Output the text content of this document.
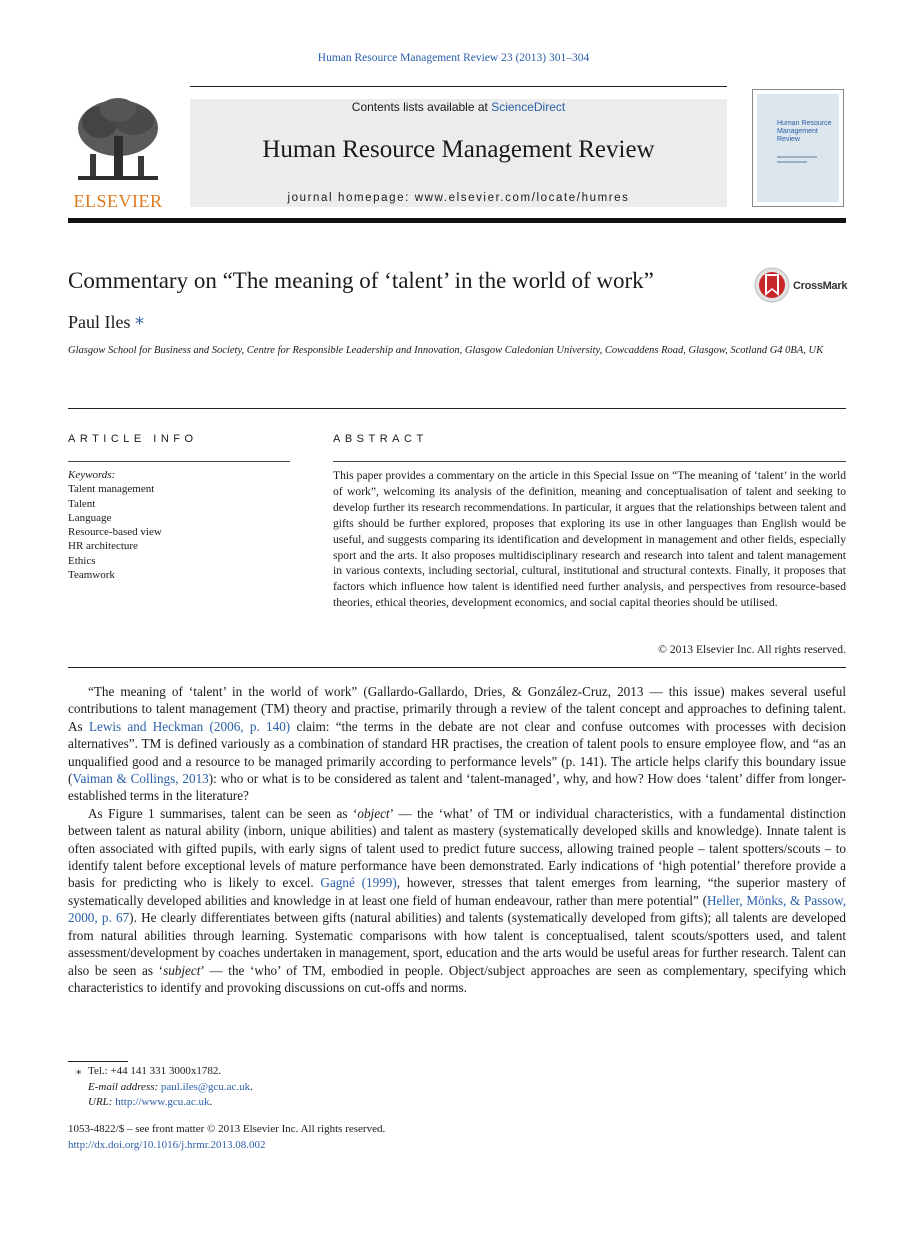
Human Resource Management Review 23 (2013) 301–304
ELSEVIER
Contents lists available at ScienceDirect
Human Resource Management Review
journal homepage: www.elsevier.com/locate/humres
Human Resource Management Review
Commentary on “The meaning of ‘talent’ in the world of work”	CrossMark
Paul Iles ⁎
Glasgow School for Business and Society, Centre for Responsible Leadership and Innovation, Glasgow Caledonian University, Cowcaddens Road, Glasgow, Scotland G4 0BA, UK
ARTICLE INFO	ABSTRACT
Keywords:
Talent management
Talent
Language
Resource-based view
HR architecture
Ethics
Teamwork
This paper provides a commentary on the article in this Special Issue on “The meaning of ‘talent’ in the world of work”, welcoming its analysis of the definition, meaning and conceptualisation of talent and seeking to develop further its research recommendations. In particular, it argues that the relationships between talent and gifts should be further explored, proposes that exploring its use in other languages than English would be useful, and suggests comparing its identification and development in management and other fields, especially sport and the arts. It also proposes multidisciplinary research and research into talent and talent management in various contexts, including sectorial, cultural, institutional and structural contexts. Finally, it proposes that factors which influence how talent is identified need further analysis, and perspectives from resource-based theories, ethical theories, development economics, and social capital theories should be utilised.
© 2013 Elsevier Inc. All rights reserved.

“The meaning of ‘talent’ in the world of work” (Gallardo-Gallardo, Dries, & González-Cruz, 2013 — this issue) makes several useful contributions to talent management (TM) theory and practise, primarily through a review of the talent concept and approaches to defining talent. As Lewis and Heckman (2006, p. 140) claim: “the terms in the debate are not clear and confuse outcomes with processes with decision alternatives”. TM is defined variously as a combination of standard HR practises, the creation of talent pools to ensure employee flow, and “as an unqualified good and a resource to be managed primarily according to performance levels” (p. 141). The article helps clarify this boundary issue (Vaiman & Collings, 2013): who or what is to be considered as talent and ‘talent-managed’, why, and how? How does ‘talent’ differ from longer-established terms in the literature?

As Figure 1 summarises, talent can be seen as ‘object’ — the ‘what’ of TM or individual characteristics, with a fundamental distinction between talent as natural ability (inborn, unique abilities) and talent as mastery (systematically developed skills and knowledge). Innate talent is often associated with gifted pupils, with early signs of talent used to predict future success, allowing trained people – talent spotters/scouts – to identify talent before exceptional levels of mature performance have been demonstrated. Early indications of ‘high potential’ therefore provide a basis for predicting who is likely to excel. Gagné (1999), however, stresses that talent emerges from learning, “the superior mastery of systematically developed abilities and knowledge in at least one field of human endeavour, rather than mere potential” (Heller, Mönks, & Passow, 2000, p. 67). He clearly differentiates between gifts (natural abilities) and talents (systematically developed from gifts); all talents are developed from natural abilities through learning. Systematic comparisons with how talent is conceptualised, talent scouts/spotters used, and talent assessment/development by coaches undertaken in management, sport, education and the arts would be useful areas for further research. Talent can also be seen as ‘subject’ — the ‘who’ of TM, embodied in people. Object/subject approaches are seen as complementary, specifying which characteristics to identify and provoking discussions on cut-offs and norms.

⁎ Tel.: +44 141 331 3000x1782.
E-mail address: paul.iles@gcu.ac.uk.
URL: http://www.gcu.ac.uk.
1053-4822/$ – see front matter © 2013 Elsevier Inc. All rights reserved.
http://dx.doi.org/10.1016/j.hrmr.2013.08.002
